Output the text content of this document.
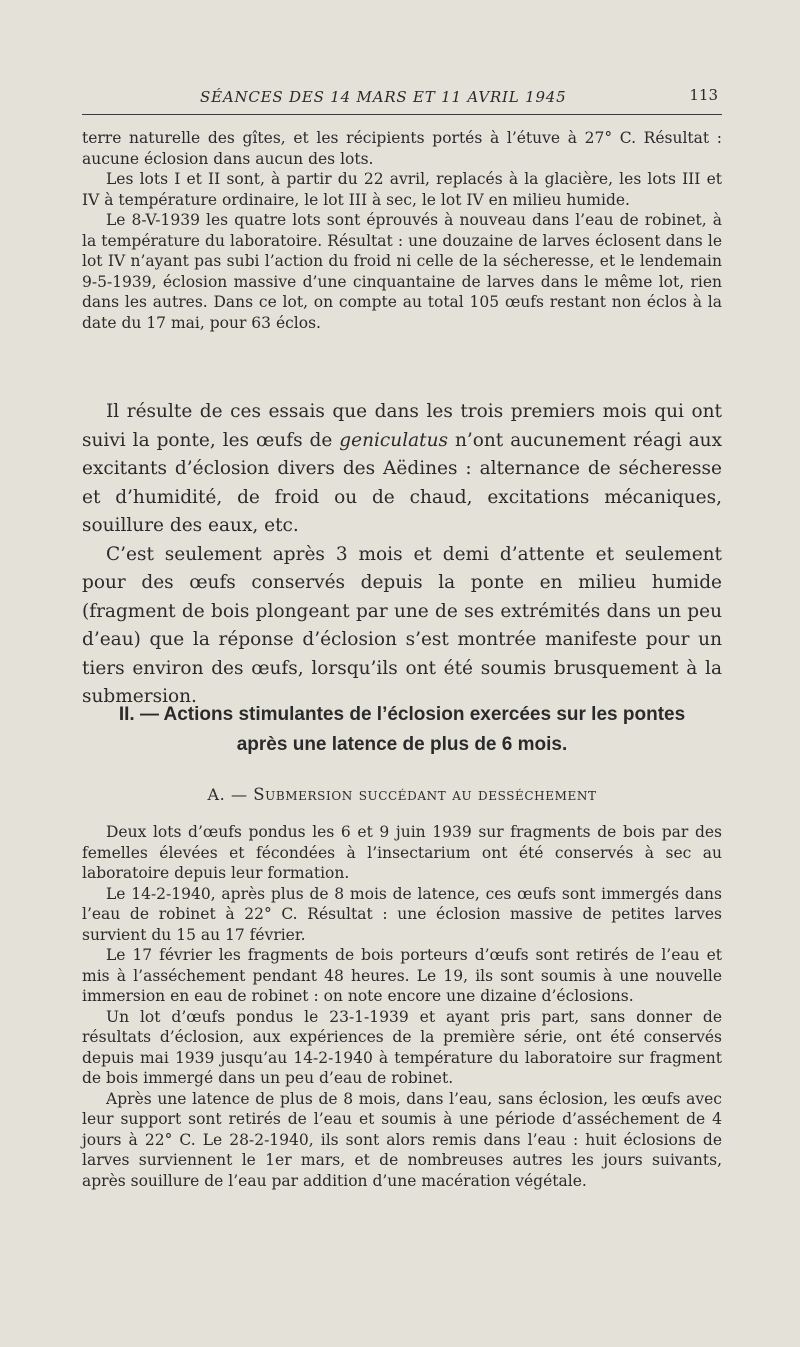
SÉANCES DES 14 MARS ET 11 AVRIL 1945	113

terre naturelle des gîtes, et les récipients portés à l’étuve à 27° C. Résultat : aucune éclosion dans aucun des lots.

Les lots I et II sont, à partir du 22 avril, replacés à la glacière, les lots III et IV à température ordinaire, le lot III à sec, le lot IV en milieu humide.

Le 8-V-1939 les quatre lots sont éprouvés à nouveau dans l’eau de robinet, à la température du laboratoire. Résultat : une douzaine de larves éclosent dans le lot IV n’ayant pas subi l’action du froid ni celle de la sécheresse, et le lendemain 9-5-1939, éclosion massive d’une cinquantaine de larves dans le même lot, rien dans les autres. Dans ce lot, on compte au total 105 œufs restant non éclos à la date du 17 mai, pour 63 éclos.

Il résulte de ces essais que dans les trois premiers mois qui ont suivi la ponte, les œufs de geniculatus n’ont aucunement réagi aux excitants d’éclosion divers des Aëdines : alternance de sécheresse et d’humidité, de froid ou de chaud, excitations mécaniques, souillure des eaux, etc.

C’est seulement après 3 mois et demi d’attente et seulement pour des œufs conservés depuis la ponte en milieu humide (fragment de bois plongeant par une de ses extrémités dans un peu d’eau) que la réponse d’éclosion s’est montrée manifeste pour un tiers environ des œufs, lorsqu’ils ont été soumis brusquement à la submersion.

II. — Actions stimulantes de l’éclosion exercées sur les pontes
après une latence de plus de 6 mois.
A. — Submersion succédant au desséchement

Deux lots d’œufs pondus les 6 et 9 juin 1939 sur fragments de bois par des femelles élevées et fécondées à l’insectarium ont été conservés à sec au laboratoire depuis leur formation.

Le 14-2-1940, après plus de 8 mois de latence, ces œufs sont immergés dans l’eau de robinet à 22° C. Résultat : une éclosion massive de petites larves survient du 15 au 17 février.

Le 17 février les fragments de bois porteurs d’œufs sont retirés de l’eau et mis à l’asséchement pendant 48 heures. Le 19, ils sont soumis à une nouvelle immersion en eau de robinet : on note encore une dizaine d’éclosions.

Un lot d’œufs pondus le 23-1-1939 et ayant pris part, sans donner de résultats d’éclosion, aux expériences de la première série, ont été conservés depuis mai 1939 jusqu’au 14-2-1940 à température du laboratoire sur fragment de bois immergé dans un peu d’eau de robinet.

Après une latence de plus de 8 mois, dans l’eau, sans éclosion, les œufs avec leur support sont retirés de l’eau et soumis à une période d’asséchement de 4 jours à 22° C. Le 28-2-1940, ils sont alors remis dans l’eau : huit éclosions de larves surviennent le 1er mars, et de nombreuses autres les jours suivants, après souillure de l’eau par addition d’une macération végétale.
